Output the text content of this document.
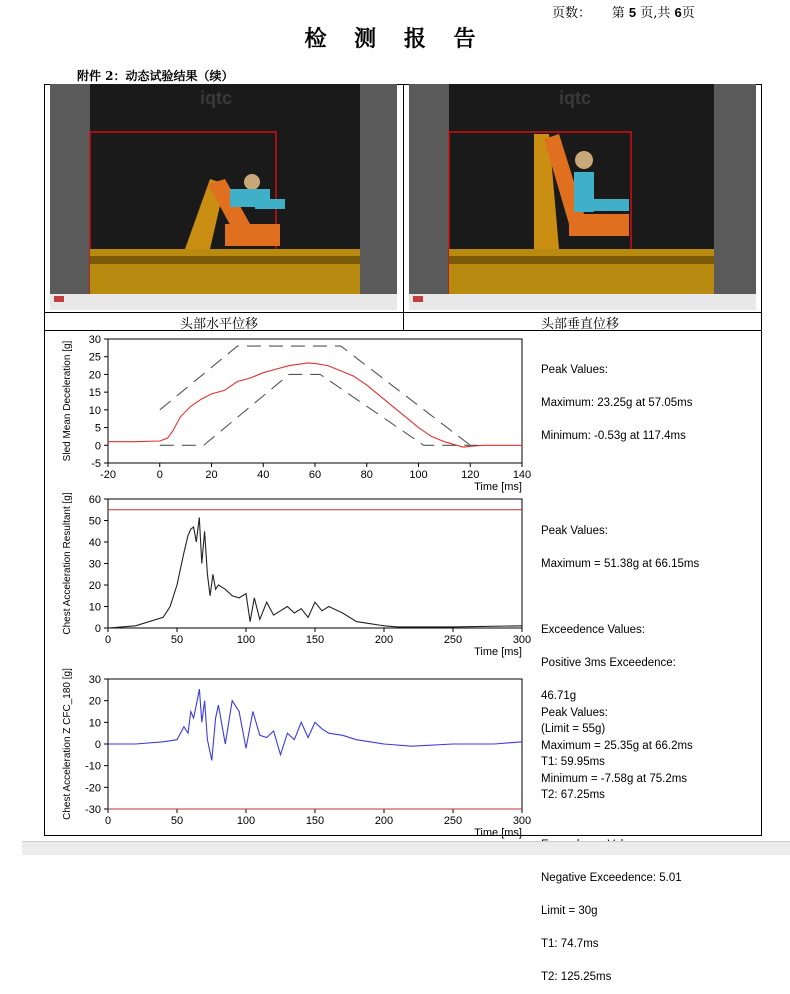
页数： 第 5 页,共 6页
检 测 报 告
附件 2：动态试验结果（续）
iqtc
头部水平位移
iqtc
头部垂直位移
-5
0
5
10
15
20
25
30
-20	0	20	40	60	80	100	120	140
Time [ms]
Sled Mean Deceleration [g]
0
10
20
30
40
50
60
0	50	100	150	200	250	300
Time [ms]
Chest Acceleration Resultant [g]
-30
-20
-10
0
10
20
30
0	50	100	150	200	250	300
Time [ms]
Chest Acceleration Z CFC_180 [g]

Peak Values:

Maximum: 23.25g at 57.05ms

Minimum: -0.53g at 117.4ms

Peak Values:

Maximum = 51.38g at 66.15ms

Exceedence Values:

Positive 3ms Exceedence:

46.71g

(Limit = 55g)

T1: 59.95ms

T2: 67.25ms

Peak Values:

Maximum = 25.35g at 66.2ms

Minimum = -7.58g at 75.2ms

Negative Exceedence: 5.01

Limit = 30g

T1: 74.7ms

T2: 125.25ms
